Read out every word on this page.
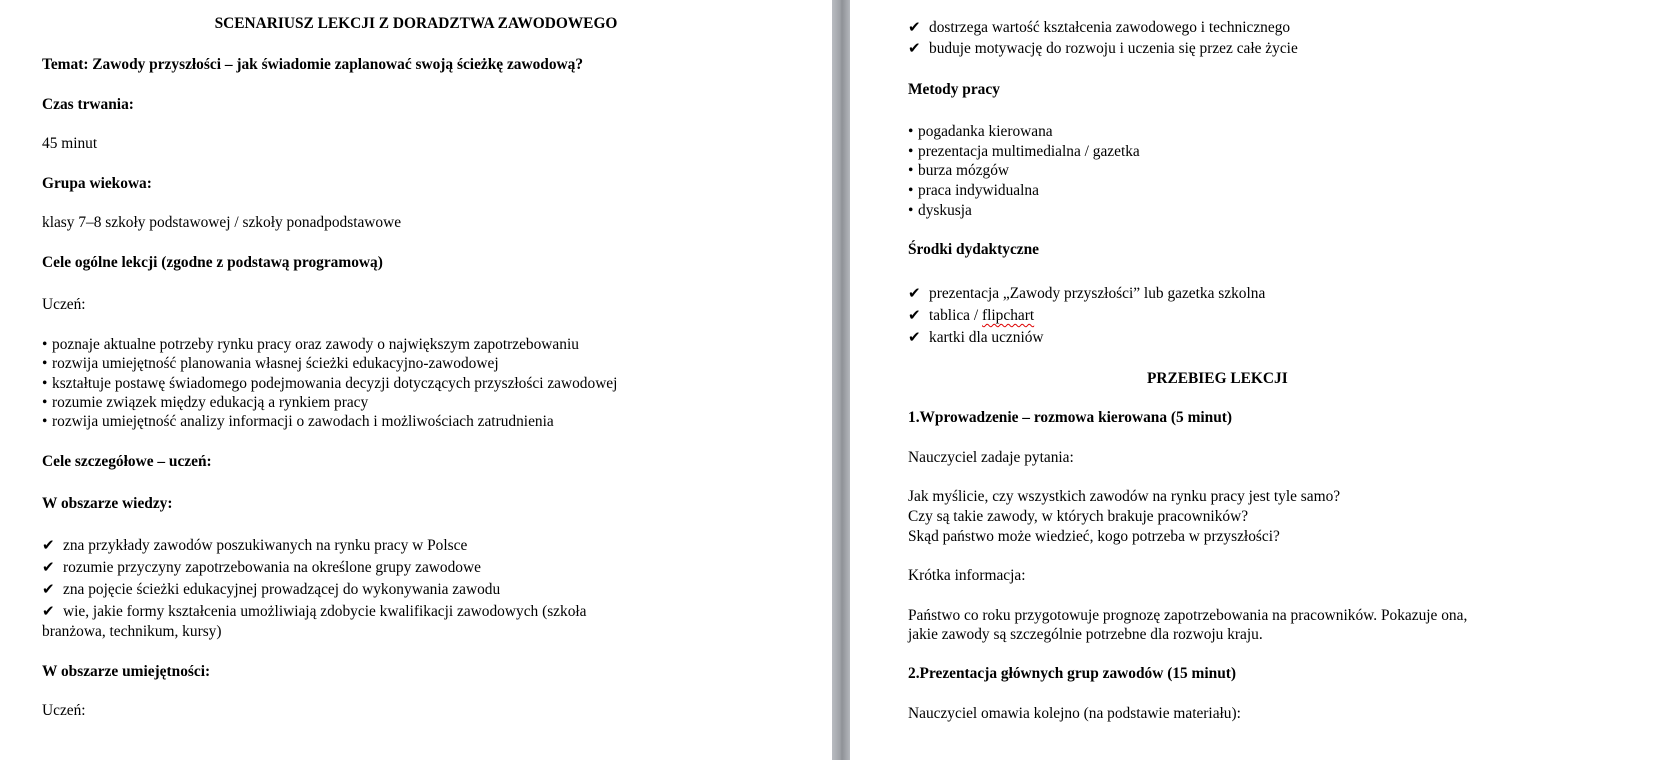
SCENARIUSZ LEKCJI Z DORADZTWA ZAWODOWEGO
Temat: Zawody przyszłości – jak świadomie zaplanować swoją ścieżkę zawodową?
Czas trwania:
45 minut
Grupa wiekowa:
klasy 7–8 szkoły podstawowej / szkoły ponadpodstawowe
Cele ogólne lekcji (zgodne z podstawą programową)
Uczeń:
• poznaje aktualne potrzeby rynku pracy oraz zawody o największym zapotrzebowaniu
• rozwija umiejętność planowania własnej ścieżki edukacyjno-zawodowej
• kształtuje postawę świadomego podejmowania decyzji dotyczących przyszłości zawodowej
• rozumie związek między edukacją a rynkiem pracy
• rozwija umiejętność analizy informacji o zawodach i możliwościach zatrudnienia
Cele szczegółowe – uczeń:
W obszarze wiedzy:
✔ zna przykłady zawodów poszukiwanych na rynku pracy w Polsce
✔ rozumie przyczyny zapotrzebowania na określone grupy zawodowe
✔ zna pojęcie ścieżki edukacyjnej prowadzącej do wykonywania zawodu
✔ wie, jakie formy kształcenia umożliwiają zdobycie kwalifikacji zawodowych (szkoła
branżowa, technikum, kursy)
W obszarze umiejętności:
Uczeń:
✔ dostrzega wartość kształcenia zawodowego i technicznego
✔ buduje motywację do rozwoju i uczenia się przez całe życie
Metody pracy
• pogadanka kierowana
• prezentacja multimedialna / gazetka
• burza mózgów
• praca indywidualna
• dyskusja
Środki dydaktyczne
✔ prezentacja „Zawody przyszłości” lub gazetka szkolna
✔ tablica / flipchart
✔ kartki dla uczniów
PRZEBIEG LEKCJI
1.Wprowadzenie – rozmowa kierowana (5 minut)
Nauczyciel zadaje pytania:
Jak myślicie, czy wszystkich zawodów na rynku pracy jest tyle samo?
Czy są takie zawody, w których brakuje pracowników?
Skąd państwo może wiedzieć, kogo potrzeba w przyszłości?
Krótka informacja:
Państwo co roku przygotowuje prognozę zapotrzebowania na pracowników. Pokazuje ona,
jakie zawody są szczególnie potrzebne dla rozwoju kraju.
2.Prezentacja głównych grup zawodów (15 minut)
Nauczyciel omawia kolejno (na podstawie materiału):
